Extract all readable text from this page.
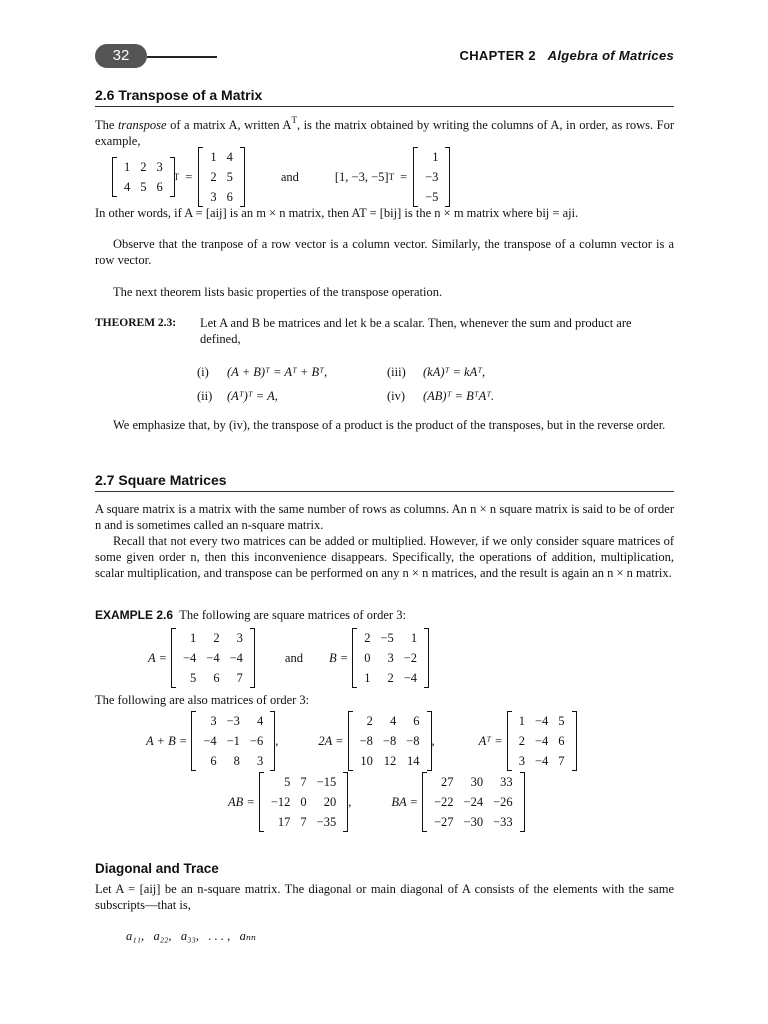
32	CHAPTER 2 Algebra of Matrices
2.6 Transpose of a Matrix
The transpose of a matrix A, written $A^T$, is the matrix obtained by writing the columns of A, in order, as rows. For example,
1	2	3
4	5	6
T =
1	4
2	5
3	6
and	[1, −3, −5] T =
1
−3
−5
In other words, if A = [aij] is an m × n matrix, then AT = [bij] is the n × m matrix where bij = aji.
Observe that the tranpose of a row vector is a column vector. Similarly, the transpose of a column vector is a row vector.
The next theorem lists basic properties of the transpose operation.
THEOREM 2.3:	Let A and B be matrices and let k be a scalar. Then, whenever the sum and product are defined,
(i)	(A + B)ᵀ = Aᵀ + Bᵀ,	(iii)	(kA)ᵀ = kAᵀ,
(ii)	(Aᵀ)ᵀ = A,	(iv)	(AB)ᵀ = BᵀAᵀ.
We emphasize that, by (iv), the transpose of a product is the product of the transposes, but in the reverse order.
2.7 Square Matrices
A square matrix is a matrix with the same number of rows as columns. An n × n square matrix is said to be of order n and is sometimes called an n-square matrix.
Recall that not every two matrices can be added or multiplied. However, if we only consider square matrices of some given order n, then this inconvenience disappears. Specifically, the operations of addition, multiplication, scalar multiplication, and transpose can be performed on any n × n matrices, and the result is again an n × n matrix.
EXAMPLE 2.6 The following are square matrices of order 3:
A =
1	2	3
−4	−4	−4
5	6	7
and B =
2	−5	1
0	3	−2
1	2	−4
The following are also matrices of order 3:
A + B =
3	−3	4
−4	−1	−6
6	8	3
,	2A =
2	4	6
−8	−8	−8
10	12	14
,	Aᵀ =
1	−4	5
2	−4	6
3	−4	7
AB =
5	7	−15
−12	0	20
17	7	−35
,	BA =
27	30	33
−22	−24	−26
−27	−30	−33
Diagonal and Trace
Let A = [aij] be an n-square matrix. The diagonal or main diagonal of A consists of the elements with the same subscripts—that is,
a₁₁,   a₂₂,   a₃₃,   . . . ,   aₙₙ
